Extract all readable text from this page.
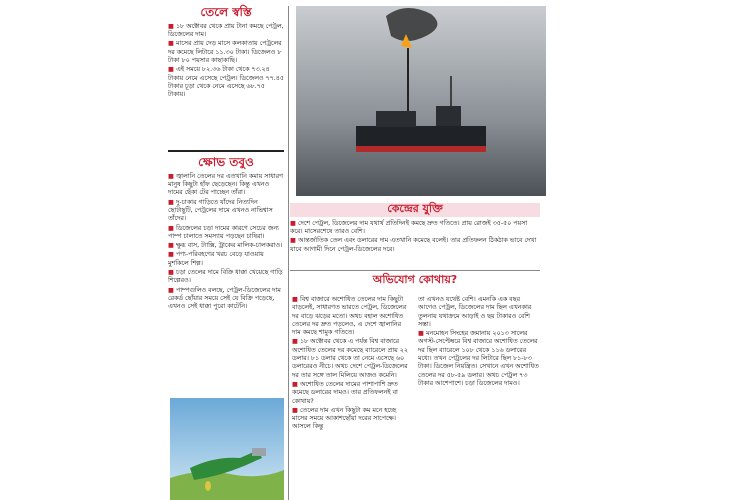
তেলে স্বস্তি

■ ১৮ অক্টোবর থেকে প্রায় টানা কমছে পেট্রল, ডিজেলের দাম।

■ মাসের প্রায় দেড় মাসে কলকাতায় পেট্রলের দর কমেছে লিটারে ১১.৩০ টাকা। ডিজেলও ৮ টাকা ৮০ পয়সার কাছাকাছি।

■ এই সময়ে ৮২.৩৬ টাকা থেকে ৭৩.২৪ টাকায় নেমে এসেছে পেট্রল। ডিজেলও ৭৭.৪৫ টাকার চূড়া থেকে নেমে এসেছে ৬৮.৭৫ টাকায়।

ক্ষোভ তবুও

■ জ্বালানি তেলের দর এতখানি কমায় সাধারণ মানুষ কিছুটা হাঁফ ছেড়েছেন। কিন্তু এখনও দামের ছেঁকা টের পাচ্ছেন তাঁরা।

■ দু-চাকার গাড়িতে যাঁদের নিত্যদিন ছোটাছুটি, পেট্রলের দামে এখনও নাভিশ্বাস তাঁদের।

■ ডিজেলের চড়া দামের কারণে সেচের জন্য পাম্প চালাতে সমস্যায় পড়ছেন চাষিরা।

■ ক্ষুব্ধ বাস, ট্যাক্সি, ট্রাকের মালিক-চালকরাও।

■ পণ্য-পরিবহণের খরচ বেড়ে যাওয়ায় মুশকিলে শিল্প।

■ চড়া তেলের দামে বিক্রি ধাক্কা খেয়েছে গাড়ি শিল্পেরও।

■ পাম্পগুলিও বলছে, পেট্রল-ডিজেলের দাম রেকর্ড ছোঁয়ার সময়ে সেই যে বিক্রি পড়েছে, এখনও সেই ধাক্কা পুরো কাটেনি।

কেন্দ্রের যুক্তি

■ দেশে পেট্রল, ডিজেলের দাম যথার্থ প্রতিদিনই কমছে দ্রুত গতিতে। প্রায় রোজই ৩৫-৫০ পয়সা করে। মাসেরশেষে তারও বেশি।

■ আন্তর্জাতিক তেল এবং ডলারের দাম এতখানি কমেছে বলেই। তার প্রতিফলন ঠিকঠাক ভাবে দেখা যাবে আগামী দিনে পেট্রল-ডিজেলের দরে।

অভিযোগ কোথায়?

■ বিশ্ব বাজারে অশোধিত তেলের দাম কিছুটা বাড়লেই, সাধারণত ভারতে পেট্রল, ডিজেলের দর বাড়ে ঝড়ের মতো। অথচ বহাল অশোধিত তেলের দর দ্রুত পড়লেও, এ দেশে জ্বালানির দাম কমছে শামুক গতিতে।

■ ১৮ অক্টোবর থেকে এ পর্যন্ত বিশ্ব বাজারে অশোধিত তেলের দর কমেছে ব্যারেলে প্রায় ২২ ডলার। ৮১ ডলার থেকে তা নেমে এসেছে ৬০ ডলারেরও নীচে। অথচ দেশে পেট্রল-ডিজেলের দর তার সঙ্গে তাল মিলিয়ে আজও কমেনি।

■ অশোধিত তেলের দামের পাশাপাশি দ্রুত কমেছে ডলারের দামও। তার প্রতিফলনই বা কোথায়?

■ তেলের দাম এখন কিছুটা কম মনে হচ্ছে মাসের সময়ে আকাশছোঁয়া দরের সাপেক্ষে। আসলে কিন্তু

তা এখনও যথেষ্ট বেশি। এমনকি এক বছর আগেও পেট্রল, ডিজেলের দাম ছিল এখনকার তুলনায় যথাক্রমে আড়াই ও ছয় টাকারও বেশি সস্তা।

■ মনমোহন সিংহের জমানায় ২০১৩ সালের অগস্ট-সেপ্টেম্বরে বিশ্ব বাজারে অশোধিত তেলের দর ছিল ব্যারেলে ১০৮ থেকে ১১৬ ডলারের মধ্যে। তখন পেট্রলের দর লিটারে ছিল ৮১-৮৩ টাকা। ডিজেল নিয়ন্ত্রিত। সেখানে এখন অশোধিত তেলের দর ৫৮-৫৯ ডলার। অথচ পেট্রল ৭৩ টাকার আশেপাশে। চড়া ডিজেলের দামও।
